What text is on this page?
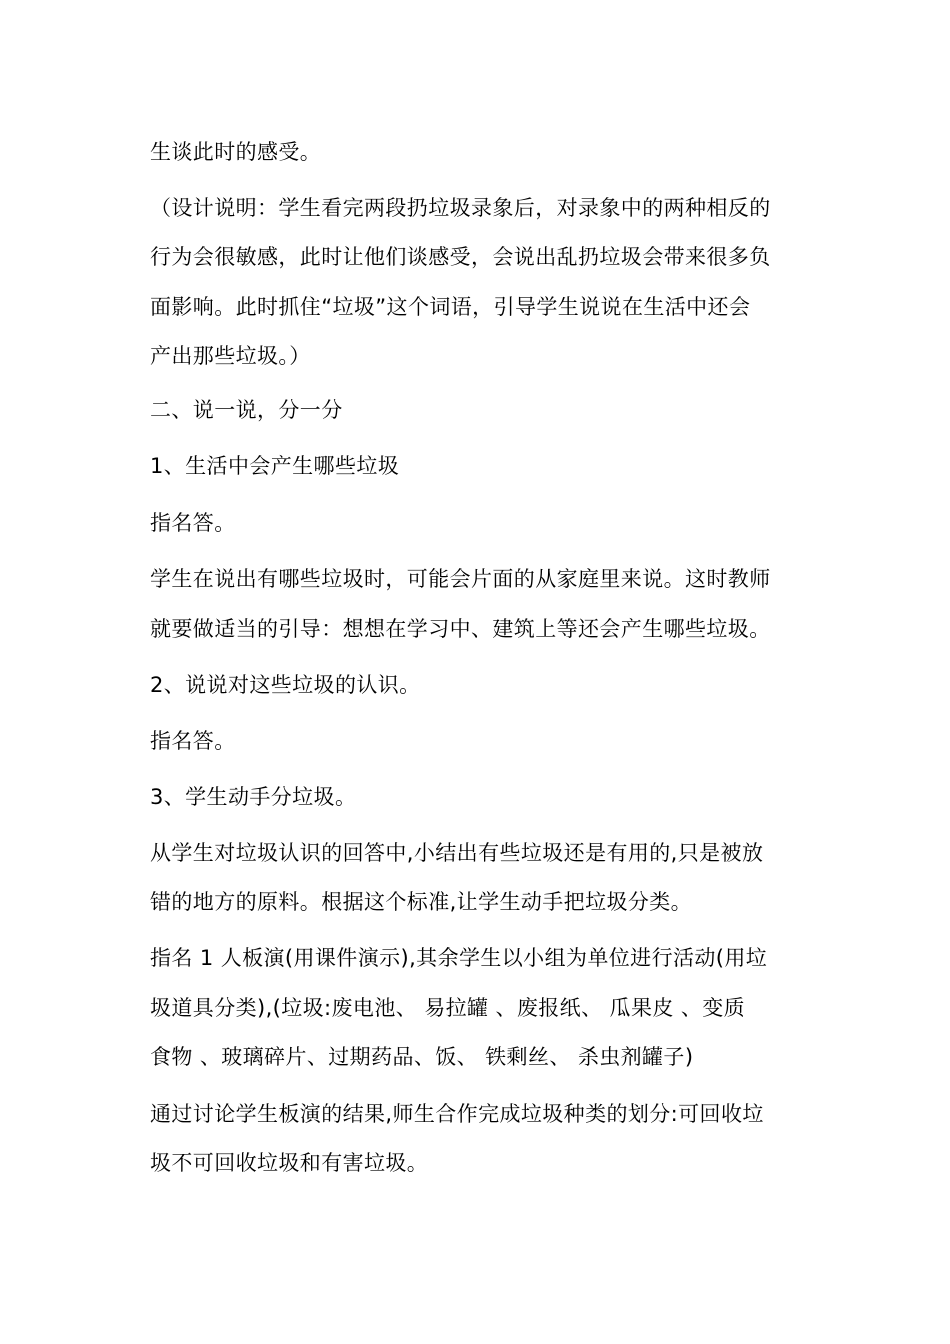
生谈此时的感受。
（设计说明：学生看完两段扔垃圾录象后，对录象中的两种相反的
行为会很敏感，此时让他们谈感受，会说出乱扔垃圾会带来很多负
面影响。此时抓住“垃圾”这个词语，引导学生说说在生活中还会
产出那些垃圾。）
二、说一说，分一分
1、生活中会产生哪些垃圾
指名答。
学生在说出有哪些垃圾时，可能会片面的从家庭里来说。这时教师
就要做适当的引导：想想在学习中、建筑上等还会产生哪些垃圾。
2、说说对这些垃圾的认识。
指名答。
3、学生动手分垃圾。
从学生对垃圾认识的回答中,小结出有些垃圾还是有用的,只是被放
错的地方的原料。根据这个标准,让学生动手把垃圾分类。
指名 1 人板演(用课件演示),其余学生以小组为单位进行活动(用垃
圾道具分类),(垃圾:废电池、 易拉罐 、废报纸、 瓜果皮 、变质
食物 、玻璃碎片、过期药品、饭、 铁剩丝、 杀虫剂罐子)
通过讨论学生板演的结果,师生合作完成垃圾种类的划分:可回收垃
圾不可回收垃圾和有害垃圾。
